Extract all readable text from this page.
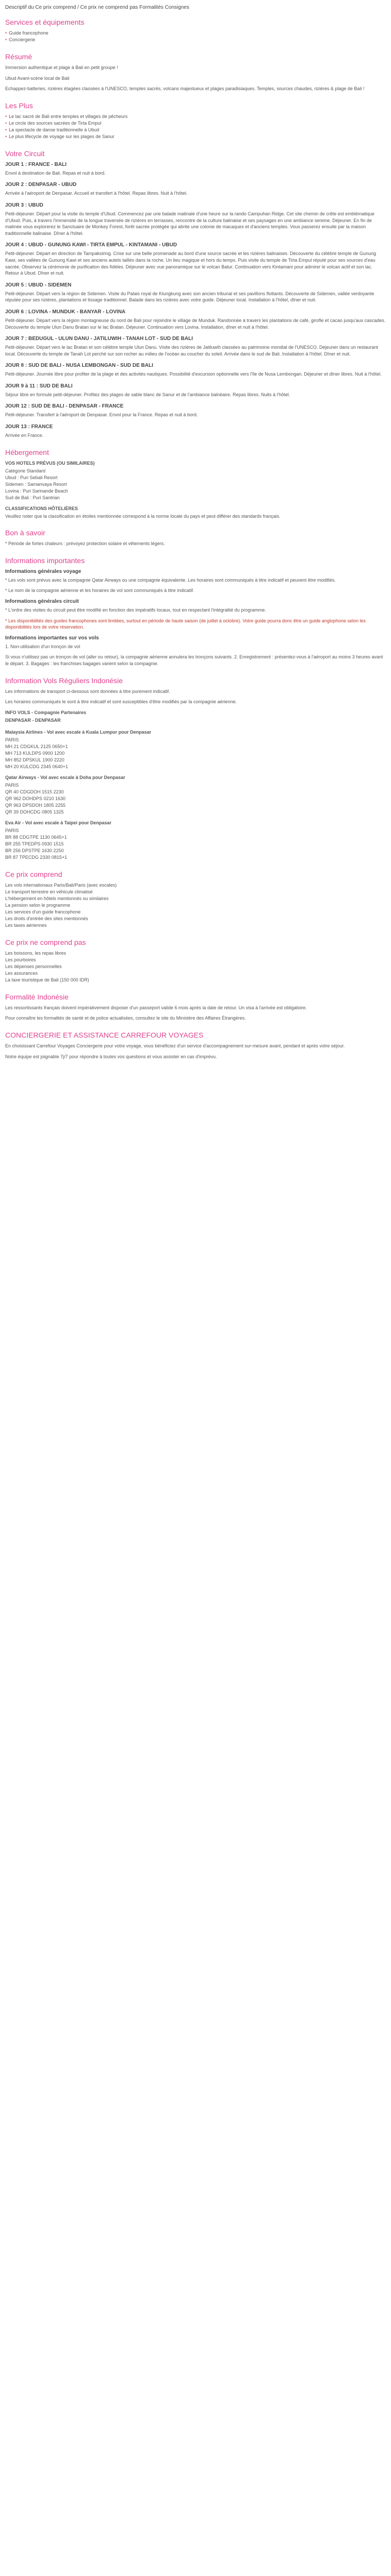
Descriptif du Ce prix comprend / Ce prix ne comprend pas Formalités Consignes
Services et équipements
• Guide francophone
• Conciergerie
Résumé

Immersion authentique et plage à Bali en petit groupe !

Ubud Avant-scène local de Bali

Echappez-batteries, rizières étagées classées à l'UNESCO, temples sacrés, volcans majestueux et plages paradisiaques. Temples, sources chaudes, rizières & plage de Bali !

Les Plus
• Le lac sacré de Bali entre temples et villages de pêcheurs
• Le circle des sources sacrées de Tirta Empul
• La spectacle de danse traditionnelle à Ubud
• Le plus lifecycle de voyage sur les plages de Sanur
Votre Circuit
JOUR 1 : FRANCE - BALI

Envol à destination de Bali. Repas et nuit à bord.

JOUR 2 : DENPASAR - UBUD

Arrivée à l'aéroport de Denpasar. Accueil et transfert à l'hôtel. Repas libres. Nuit à l'hôtel.

JOUR 3 : UBUD

Petit-déjeuner. Départ pour la visite du temple d'Ubud. Commencez par une balade matinale d'une heure sur la rando Campuhan Ridge. Cet site chemin de crête est emblématique d'Ubud. Puis, à travers l'immensité de la longue traversée de rizières en terrasses, rencontre de la culture balinaise et ses paysages en une ambiance sereine. Déjeuner. En fin de matinée vous explorerez le Sanctuaire de Monkey Forest, forêt sacrée protégée qui abrite une colonie de macaques et d'anciens temples. Vous passerez ensuite par la maison traditionnelle balinaise. Dîner à l'hôtel.

JOUR 4 : UBUD - GUNUNG KAWI - TIRTA EMPUL - KINTAMANI - UBUD

Petit-déjeuner. Départ en direction de Tampaksiring. Crise sur une belle promenade au bord d'une source sacrée et les rizières balinaises. Découverte du célèbre temple de Gunung Kawi, ses vallées de Gunung Kawi et ses anciens autels taillés dans la roche. Un lieu magique et hors du temps. Puis visite du temple de Tirta Empul réputé pour ses sources d'eau sacrée. Observez la cérémonie de purification des fidèles. Déjeuner avec vue panoramique sur le volcan Batur. Continuation vers Kintamani pour admirer le volcan actif et son lac. Retour à Ubud. Dîner et nuit.

JOUR 5 : UBUD - SIDEMEN

Petit-déjeuner. Départ vers la région de Sidemen. Visite du Palais royal de Klungkung avec son ancien tribunal et ses pavillons flottants. Découverte de Sidemen, vallée verdoyante réputée pour ses rizières, plantations et tissage traditionnel. Balade dans les rizières avec votre guide. Déjeuner local. Installation à l'hôtel, dîner et nuit.

JOUR 6 : LOVINA - MUNDUK - BANYAR - LOVINA

Petit-déjeuner. Départ vers la région montagneuse du nord de Bali pour rejoindre le village de Munduk. Randonnée à travers les plantations de café, girofle et cacao jusqu'aux cascades. Découverte du temple Ulun Danu Bratan sur le lac Bratan. Déjeuner. Continuation vers Lovina. Installation, dîner et nuit à l'hôtel.

JOUR 7 : BEDUGUL - ULUN DANU - JATILUWIH - TANAH LOT - SUD DE BALI

Petit-déjeuner. Départ vers le lac Bratan et son célèbre temple Ulun Danu. Visite des rizières de Jatiluwih classées au patrimoine mondial de l'UNESCO. Déjeuner dans un restaurant local. Découverte du temple de Tanah Lot perché sur son rocher au milieu de l'océan au coucher du soleil. Arrivée dans le sud de Bali. Installation à l'hôtel. Dîner et nuit.

JOUR 8 : SUD DE BALI - NUSA LEMBONGAN - SUD DE BALI

Petit-déjeuner. Journée libre pour profiter de la plage et des activités nautiques. Possibilité d'excursion optionnelle vers l'île de Nusa Lembongan. Déjeuner et dîner libres. Nuit à l'hôtel.

JOUR 9 à 11 : SUD DE BALI

Séjour libre en formule petit-déjeuner. Profitez des plages de sable blanc de Sanur et de l'ambiance balnéaire. Repas libres. Nuits à l'hôtel.

JOUR 12 : SUD DE BALI - DENPASAR - FRANCE

Petit-déjeuner. Transfert à l'aéroport de Denpasar. Envol pour la France. Repas et nuit à bord.

JOUR 13 : FRANCE

Arrivée en France.

Hébergement
VOS HOTELS PRÉVUS (OU SIMILAIRES)
Catégorie Standard
Ubud : Puri Sebali Resort
Sidemen : Samanvaya Resort
Lovina : Puri Sarinande Beach
Sud de Bali : Puri Santrian
CLASSIFICATIONS HÔTELIÈRES

Veuillez noter que la classification en étoiles mentionnée correspond à la norme locale du pays et peut différer des standards français.

Bon à savoir

* Période de fortes chaleurs : prévoyez protection solaire et vêtements légers.

Informations importantes
Informations générales voyage

* Les vols sont prévus avec la compagnie Qatar Airways ou une compagnie équivalente. Les horaires sont communiqués à titre indicatif et peuvent être modifiés.

* Le nom de la compagnie aérienne et les horaires de vol sont communiqués à titre indicatif.

Informations générales circuit

* L'ordre des visites du circuit peut être modifié en fonction des impératifs locaux, tout en respectant l'intégralité du programme.

* Les disponibilités des guides francophones sont limitées, surtout en période de haute saison (de juillet à octobre). Votre guide pourra donc être un guide anglophone selon les disponibilités lors de votre réservation.

Informations importantes sur vos vols

1. Non-utilisation d'un tronçon de vol

Si vous n'utilisez pas un tronçon de vol (aller ou retour), la compagnie aérienne annulera les tronçons suivants. 2. Enregistrement : présentez-vous à l'aéroport au moins 3 heures avant le départ. 3. Bagages : les franchises bagages varient selon la compagnie.

Information Vols Réguliers Indonésie

Les informations de transport ci-dessous sont données à titre purement indicatif.

Les horaires communiqués le sont à titre indicatif et sont susceptibles d'être modifiés par la compagnie aérienne.

INFO VOLS - Compagnie Partenaires
DENPASAR - DENPASAR
Malaysia Airlines - Vol avec escale à Kuala Lumpur pour Denpasar
PARIS
MH 21 CDGKUL 2125 0650+1
MH 713 KULDPS 0900 1200
MH 852 DPSKUL 1900 2220
MH 20 KULCDG 2345 0640+1
Qatar Airways - Vol avec escale à Doha pour Denpasar
PARIS
QR 40 CDGDOH 1515 2230
QR 962 DOHDPS 0210 1630
QR 963 DPSDOH 1805 2255
QR 39 DOHCDG 0805 1325
Eva Air - Vol avec escale à Taipei pour Denpasar
PARIS
BR 88 CDGTPE 1130 0645+1
BR 255 TPEDPS 0930 1515
BR 256 DPSTPE 1630 2250
BR 87 TPECDG 2330 0815+1
Ce prix comprend
Les vols internationaux Paris/Bali/Paris (avec escales)
Le transport terrestre en véhicule climatisé
L'hébergement en hôtels mentionnés ou similaires
La pension selon le programme
Les services d'un guide francophone
Les droits d'entrée des sites mentionnés
Les taxes aériennes
Ce prix ne comprend pas
Les boissons, les repas libres
Les pourboires
Les dépenses personnelles
Les assurances
La taxe touristique de Bali (150 000 IDR)
Formalité Indonésie

Les ressortissants français doivent impérativement disposer d'un passeport valide 6 mois après la date de retour. Un visa à l'arrivée est obligatoire.

Pour connaître les formalités de santé et de police actualisées, consultez le site du Ministère des Affaires Étrangères.

CONCIERGERIE ET ASSISTANCE CARREFOUR VOYAGES

En choisissant Carrefour Voyages Conciergerie pour votre voyage, vous bénéficiez d'un service d'accompagnement sur-mesure avant, pendant et après votre séjour.

Notre équipe est joignable 7j/7 pour répondre à toutes vos questions et vous assister en cas d'imprévu.
